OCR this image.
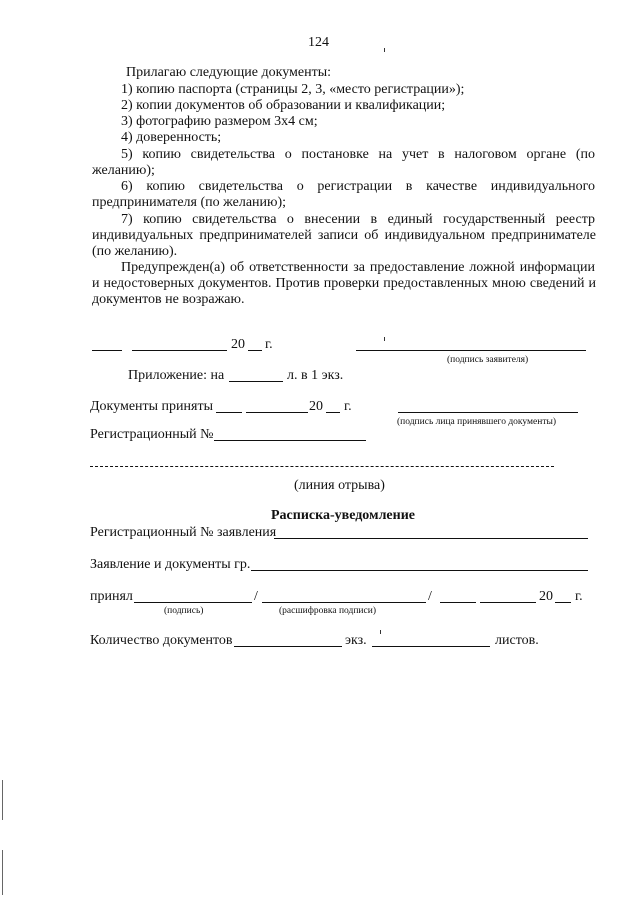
124
Прилагаю следующие документы:
1) копию паспорта (страницы 2, 3, «место регистрации»);
2) копии документов об образовании и квалификации;
3) фотографию размером 3х4 см;
4) доверенность;
5) копию свидетельства о постановке на учет в налоговом органе (по
желанию);
6) копию свидетельства о регистрации в качестве индивидуального
предпринимателя (по желанию);
7) копию свидетельства о внесении в единый государственный реестр
индивидуальных предпринимателей записи об индивидуальном предпринимателе
(по желанию).
Предупрежден(а) об ответственности за предоставление ложной информации
и недостоверных документов. Против проверки предоставленных мною сведений и
документов не возражаю.
20 г.
(подпись заявителя)
Приложение: на	л. в 1 экз.
Документы приняты	20 г.
(подпись лица принявшего документы)
Регистрационный №
(линия отрыва)
Расписка-уведомление
Регистрационный № заявления
Заявление и документы гр.
принял	/	/	20 г.
(подпись)	(расшифровка подписи)
Количество документов	экз.	листов.
